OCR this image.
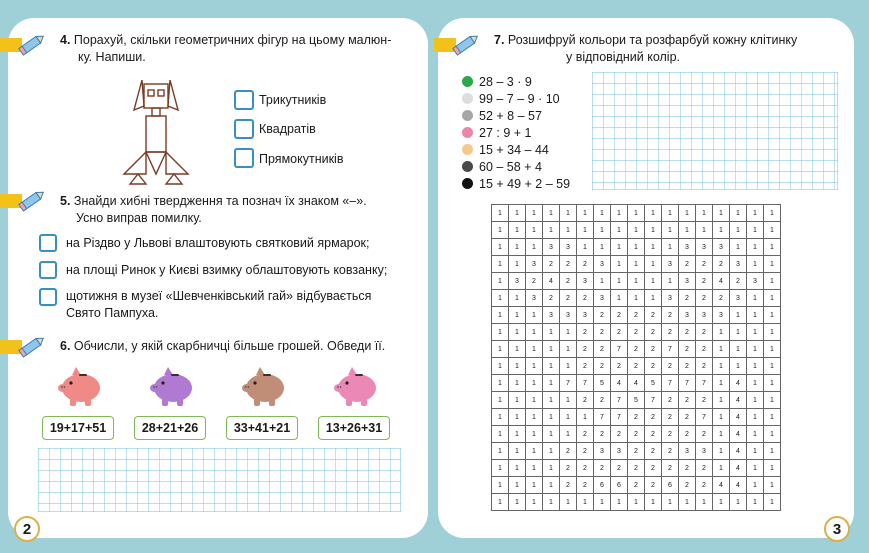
4. Порахуй, скільки геометричних фігур на цьому малюн-
ку. Напиши.
Трикутників
Квадратів
Прямокутників
5. Знайди хибні твердження та познач їх знаком «–».
Усно виправ помилку.
на Різдво у Львові влаштовують святковий ярмарок;
на площі Ринок у Києві взимку облаштовують ковзанку;
щотижня в музеї «Шевченківський гай» відбувається
Свято Пампуха.
6. Обчисли, у якій скарбничці більше грошей. Обведи її.
19+17+51	28+21+26	33+41+21	13+26+31
2
7. Розшифруй кольори та розфарбуй кожну клітинку
у відповідний колір.
28 – 3 · 9
99 – 7 – 9 · 10
52 + 8 – 57
27 : 9 + 1
15 + 34 – 44
60 – 58 + 4
15 + 49 + 2 – 59
1	1	1	1	1	1	1	1	1	1	1	1	1	1	1	1	1
1	1	1	1	1	1	1	1	1	1	1	1	1	1	1	1	1
1	1	1	3	3	1	1	1	1	1	1	3	3	3	1	1	1
1	1	3	2	2	2	3	1	1	1	3	2	2	2	3	1	1
1	3	2	4	2	3	1	1	1	1	1	3	2	4	2	3	1
1	1	3	2	2	2	3	1	1	1	3	2	2	2	3	1	1
1	1	1	3	3	3	2	2	2	2	2	3	3	3	1	1	1
1	1	1	1	1	2	2	2	2	2	2	2	2	1	1	1	1
1	1	1	1	1	2	2	7	2	2	7	2	2	1	1	1	1
1	1	1	1	1	2	2	2	2	2	2	2	2	1	1	1	1
1	1	1	1	7	7	5	4	4	5	7	7	7	1	4	1	1
1	1	1	1	1	2	2	7	5	7	2	2	2	1	4	1	1
1	1	1	1	1	1	7	7	2	2	2	2	7	1	4	1	1
1	1	1	1	1	2	2	2	2	2	2	2	2	1	4	1	1
1	1	1	1	2	2	3	3	2	2	2	3	3	1	4	1	1
1	1	1	1	2	2	2	2	2	2	2	2	2	1	4	1	1
1	1	1	1	2	2	6	6	2	2	6	2	2	4	4	1	1
1	1	1	1	1	1	1	1	1	1	1	1	1	1	1	1	1
3
